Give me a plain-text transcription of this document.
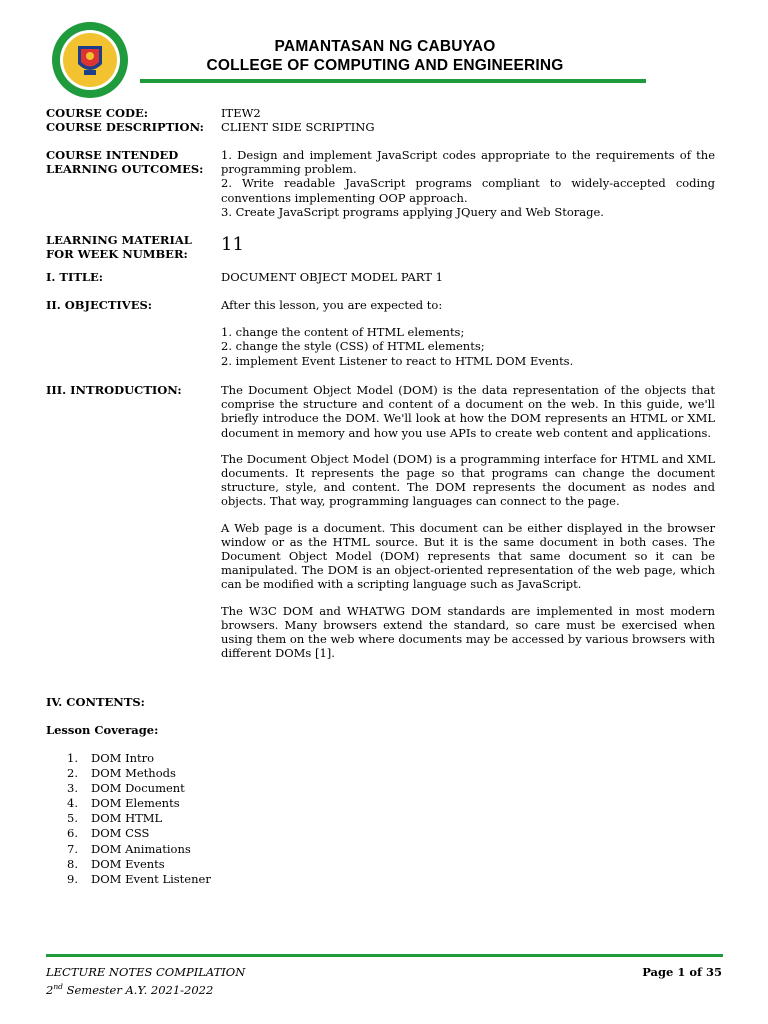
PAMANTASAN NG CABUYAO
COLLEGE OF COMPUTING AND ENGINEERING
COURSE CODE:	ITEW2
COURSE DESCRIPTION:	CLIENT SIDE SCRIPTING
COURSE INTENDED
LEARNING OUTCOMES:
1. Design and implement JavaScript codes appropriate to the requirements of the programming problem.
2. Write readable JavaScript programs compliant to widely-accepted coding conventions implementing OOP approach.
3. Create JavaScript programs applying JQuery and Web Storage.
LEARNING MATERIAL
FOR WEEK NUMBER:	11
I. TITLE:	DOCUMENT OBJECT MODEL PART 1
II. OBJECTIVES:	After this lesson, you are expected to:
1. change the content of HTML elements;
2. change the style (CSS) of HTML elements;
2. implement Event Listener to react to HTML DOM Events.
III. INTRODUCTION:	The Document Object Model (DOM) is the data representation of the objects that comprise the structure and content of a document on the web. In this guide, we'll briefly introduce the DOM. We'll look at how the DOM represents an HTML or XML document in memory and how you use APIs to create web content and applications.

The Document Object Model (DOM) is a programming interface for HTML and XML documents. It represents the page so that programs can change the document structure, style, and content. The DOM represents the document as nodes and objects. That way, programming languages can connect to the page.

A Web page is a document. This document can be either displayed in the browser window or as the HTML source. But it is the same document in both cases. The Document Object Model (DOM) represents that same document so it can be manipulated. The DOM is an object-oriented representation of the web page, which can be modified with a scripting language such as JavaScript.

The W3C DOM and WHATWG DOM standards are implemented in most modern browsers. Many browsers extend the standard, so care must be exercised when using them on the web where documents may be accessed by various browsers with different DOMs [1].

IV. CONTENTS:
Lesson Coverage:
1. DOM Intro
2. DOM Methods
3. DOM Document
4. DOM Elements
5. DOM HTML
6. DOM CSS
7. DOM Animations
8. DOM Events
9. DOM Event Listener
LECTURE NOTES COMPILATION
2nd Semester A.Y. 2021-2022
Page 1 of 35
